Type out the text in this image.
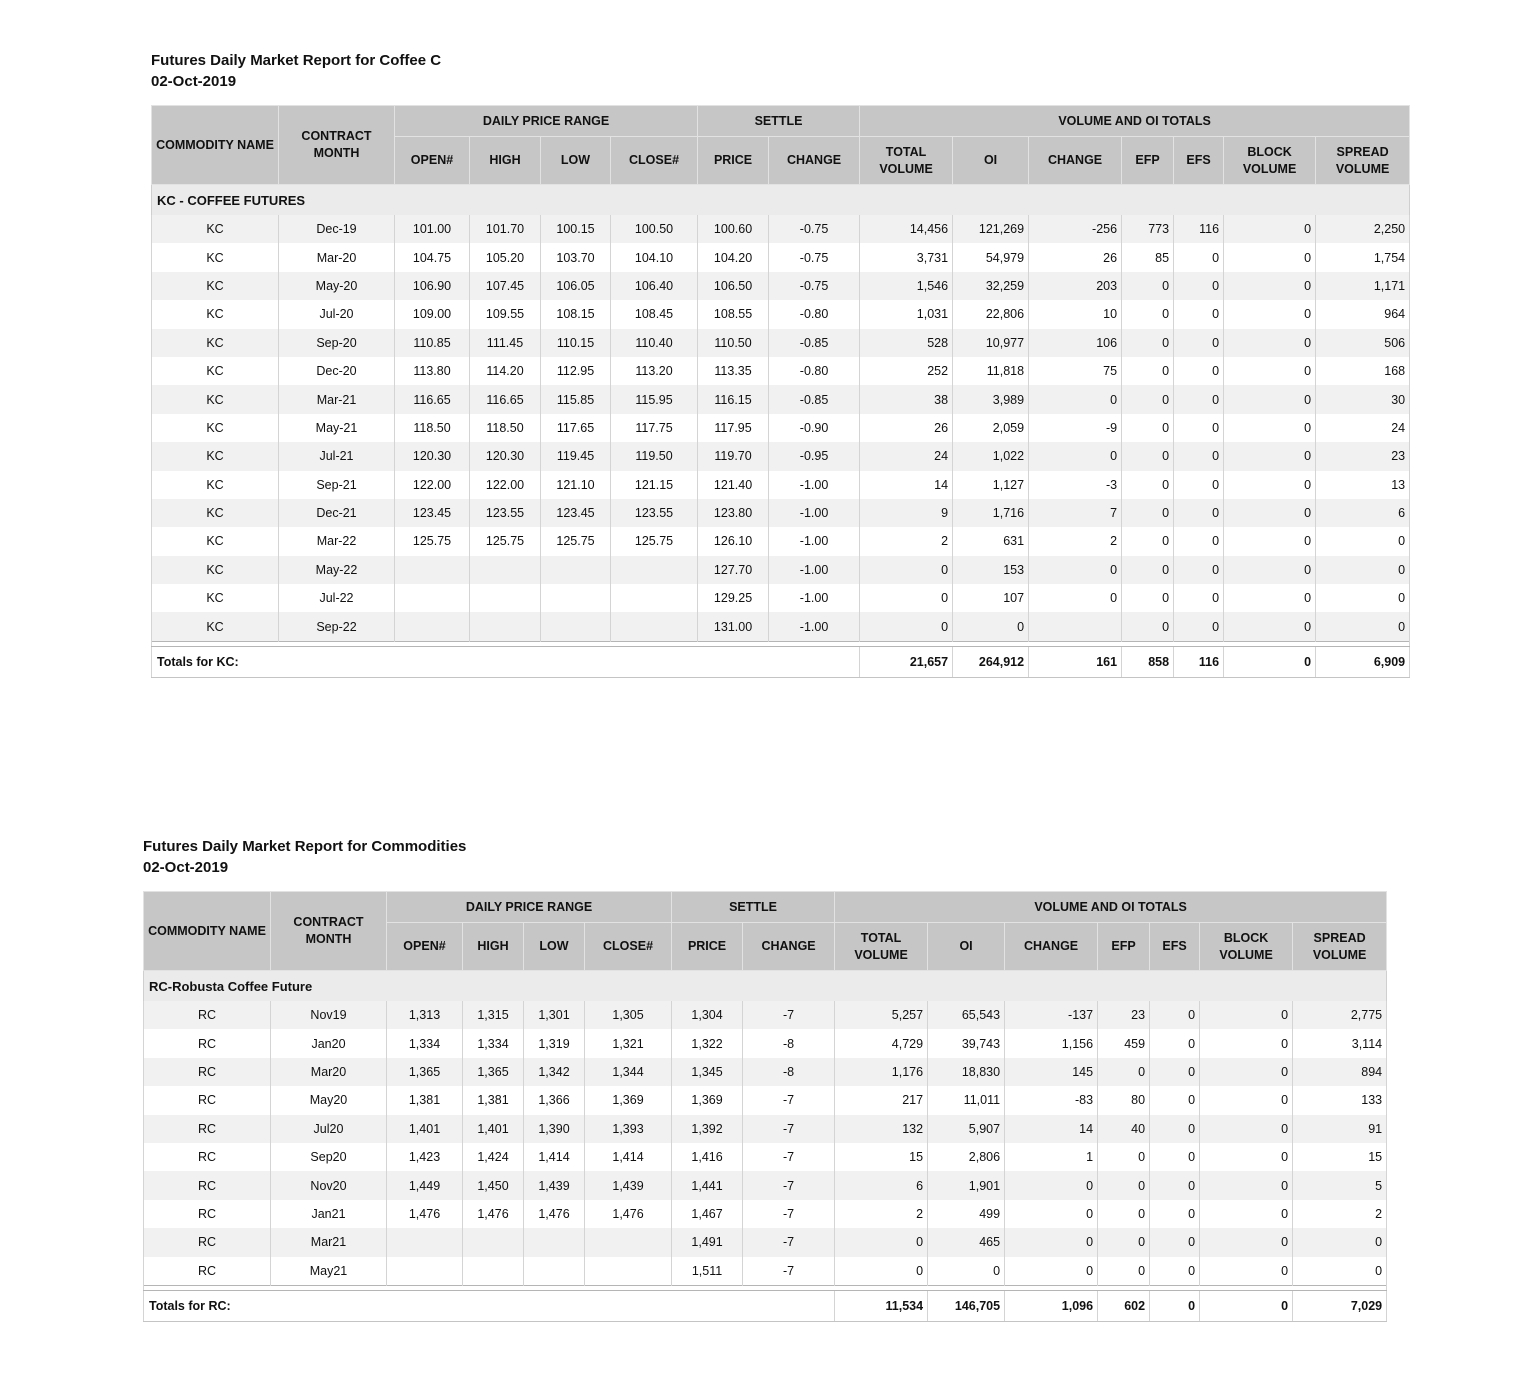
Futures Daily Market Report for Coffee C

02-Oct-2019

COMMODITY NAME	CONTRACT MONTH	DAILY PRICE RANGE				SETTLE		VOLUME AND OI TOTALS						
		OPEN#	HIGH	LOW	CLOSE#	PRICE	CHANGE	TOTAL VOLUME	OI	CHANGE	EFP	EFS	BLOCK VOLUME	SPREAD VOLUME
KC - COFFEE FUTURES														
KC	Dec-19	101.00	101.70	100.15	100.50	100.60	-0.75	14,456	121,269	-256	773	116	0	2,250
KC	Mar-20	104.75	105.20	103.70	104.10	104.20	-0.75	3,731	54,979	26	85	0	0	1,754
KC	May-20	106.90	107.45	106.05	106.40	106.50	-0.75	1,546	32,259	203	0	0	0	1,171
KC	Jul-20	109.00	109.55	108.15	108.45	108.55	-0.80	1,031	22,806	10	0	0	0	964
KC	Sep-20	110.85	111.45	110.15	110.40	110.50	-0.85	528	10,977	106	0	0	0	506
KC	Dec-20	113.80	114.20	112.95	113.20	113.35	-0.80	252	11,818	75	0	0	0	168
KC	Mar-21	116.65	116.65	115.85	115.95	116.15	-0.85	38	3,989	0	0	0	0	30
KC	May-21	118.50	118.50	117.65	117.75	117.95	-0.90	26	2,059	-9	0	0	0	24
KC	Jul-21	120.30	120.30	119.45	119.50	119.70	-0.95	24	1,022	0	0	0	0	23
KC	Sep-21	122.00	122.00	121.10	121.15	121.40	-1.00	14	1,127	-3	0	0	0	13
KC	Dec-21	123.45	123.55	123.45	123.55	123.80	-1.00	9	1,716	7	0	0	0	6
KC	Mar-22	125.75	125.75	125.75	125.75	126.10	-1.00	2	631	2	0	0	0	0
KC	May-22					127.70	-1.00	0	153	0	0	0	0	0
KC	Jul-22					129.25	-1.00	0	107	0	0	0	0	0
KC	Sep-22					131.00	-1.00	0	0		0	0	0	0

Totals for KC:								21,657	264,912	161	858	116	0	6,909

Futures Daily Market Report for Commodities

02-Oct-2019

COMMODITY NAME	CONTRACT MONTH	DAILY PRICE RANGE				SETTLE		VOLUME AND OI TOTALS						
		OPEN#	HIGH	LOW	CLOSE#	PRICE	CHANGE	TOTAL VOLUME	OI	CHANGE	EFP	EFS	BLOCK VOLUME	SPREAD VOLUME
RC-Robusta Coffee Future														
RC	Nov19	1,313	1,315	1,301	1,305	1,304	-7	5,257	65,543	-137	23	0	0	2,775
RC	Jan20	1,334	1,334	1,319	1,321	1,322	-8	4,729	39,743	1,156	459	0	0	3,114
RC	Mar20	1,365	1,365	1,342	1,344	1,345	-8	1,176	18,830	145	0	0	0	894
RC	May20	1,381	1,381	1,366	1,369	1,369	-7	217	11,011	-83	80	0	0	133
RC	Jul20	1,401	1,401	1,390	1,393	1,392	-7	132	5,907	14	40	0	0	91
RC	Sep20	1,423	1,424	1,414	1,414	1,416	-7	15	2,806	1	0	0	0	15
RC	Nov20	1,449	1,450	1,439	1,439	1,441	-7	6	1,901	0	0	0	0	5
RC	Jan21	1,476	1,476	1,476	1,476	1,467	-7	2	499	0	0	0	0	2
RC	Mar21					1,491	-7	0	465	0	0	0	0	0
RC	May21					1,511	-7	0	0	0	0	0	0	0

Totals for RC:								11,534	146,705	1,096	602	0	0	7,029
